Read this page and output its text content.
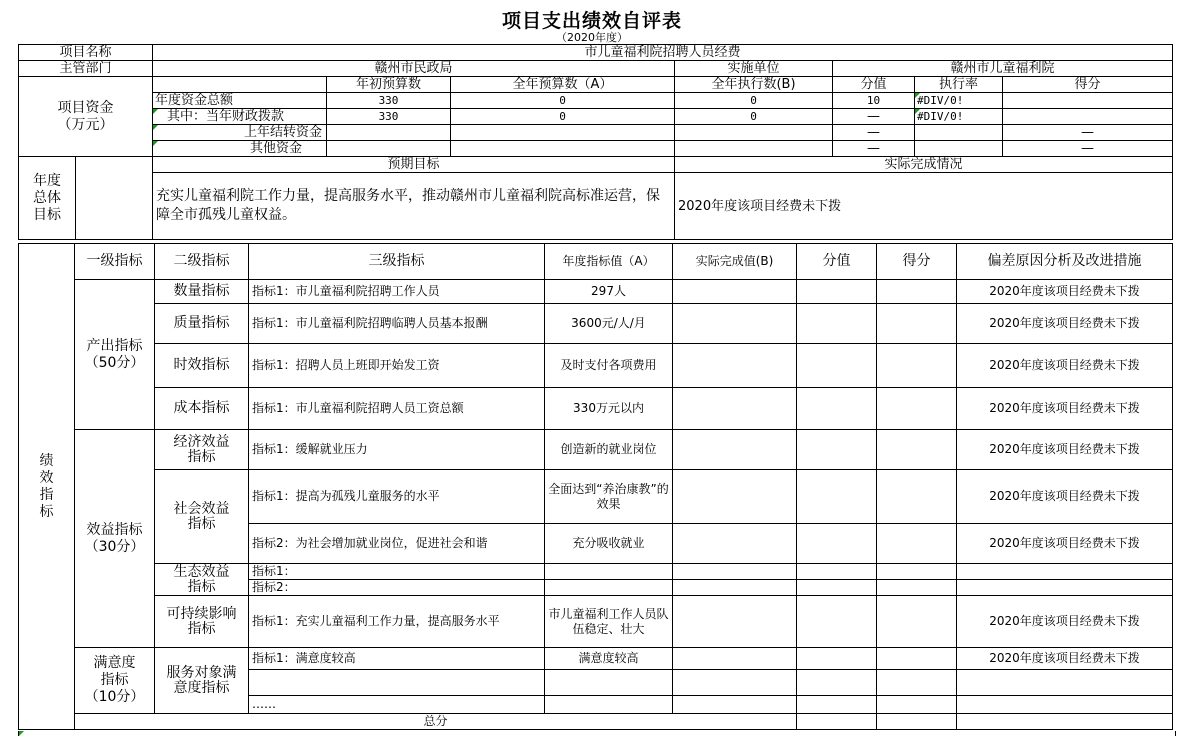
项目支出绩效自评表
（2020年度）
项目名称	市儿童福利院招聘人员经费						
主管部门	赣州市民政局			实施单位	赣州市儿童福利院		
项目资金
（万元）		年初预算数	全年预算数（A）	全年执行数(B)	分值	执行率	得分
	年度资金总额	330	0	0	10	#DIV/0!	
	其中：当年财政拨款	330	0	0	—	#DIV/0!	
	上年结转资金				—		—
	其他资金				—		—

年度
总体
目标	预期目标			实际完成情况			
	充实儿童福利院工作力量，提高服务水平，推动赣州市儿童福利院高标准运营，保障全市孤残儿童权益。			2020年度该项目经费未下拨			
绩
效
指
标	一级指标	二级指标	三级指标	年度指标值（A）	实际完成值(B)	分值	得分	偏差原因分析及改进措施
	产出指标
（50分）	数量指标	指标1：市儿童福利院招聘工作人员	297人				2020年度该项目经费未下拨
		质量指标	指标1：市儿童福利院招聘临聘人员基本报酬	3600元/人/月				2020年度该项目经费未下拨
		时效指标	指标1：招聘人员上班即开始发工资	及时支付各项费用				2020年度该项目经费未下拨
		成本指标	指标1：市儿童福利院招聘人员工资总额	330万元以内				2020年度该项目经费未下拨
	效益指标
（30分）	经济效益
指标	指标1：缓解就业压力	创造新的就业岗位				2020年度该项目经费未下拨
		社会效益
指标	指标1：提高为孤残儿童服务的水平	全面达到“养治康教”的效果				2020年度该项目经费未下拨
			指标2：为社会增加就业岗位，促进社会和谐	充分吸收就业				2020年度该项目经费未下拨
		生态效益
指标	指标1：					
			指标2：					
		可持续影响
指标	指标1：充实儿童福利工作力量，提高服务水平	市儿童福利工作人员队伍稳定、壮大				2020年度该项目经费未下拨
	满意度
指标
（10分）	服务对象满
意度指标	指标1：满意度较高	满意度较高				2020年度该项目经费未下拨

			……					
	总分							
